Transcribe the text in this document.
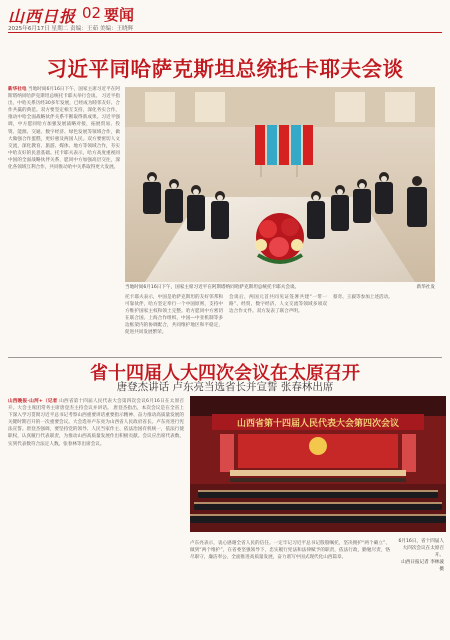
山西日报 02 要闻
2025年6月17日 星期二 责编：王茹 美编：王晓辉
习近平同哈萨克斯坦总统托卡耶夫会谈
新华社电 当地时间6月16日下午，国家主席习近平在阿斯塔纳同哈萨克斯坦总统托卡耶夫举行会谈。 习近平指出，中哈关系历经30多年发展，已经成为睦邻友好、合作共赢的典范。双方要坚定相互支持，深化务实合作，推动中哈全面战略伙伴关系不断取得新成果。习近平强调，中方愿同哈方加强发展战略对接，拓展贸易、投资、能源、交通、数字经济、绿色发展等领域合作，做大做强合作蛋糕，更好惠及两国人民。双方要密切人文交流，深化教育、旅游、媒体、地方等领域合作，夯实中哈友好的民意基础。托卡耶夫表示，哈方高度重视同中国的全面战略伙伴关系，愿同中方加强高层交往，深化各领域互利合作，共同推动哈中关系取得更大发展。
当地时间6月16日下午，国家主席习近平在阿斯塔纳同哈萨克斯坦总统托卡耶夫会谈。	新华社发
托卡耶夫表示，中国是哈萨克斯坦的友好邻邦和可靠伙伴，哈方坚定奉行一个中国原则，支持中方维护国家主权和领土完整。哈方愿同中方密切在联合国、上海合作组织、中国—中亚机制等多边框架内的协调配合，共同维护地区和平稳定，促进共同发展繁荣。
会谈后，两国元首共同见证签署共建“一带一路”、经贸、数字经济、人文交流等领域多项双边合作文件。双方发表了联合声明。
蔡奇、王毅等参加上述活动。
省十四届人大四次会议在太原召开
唐登杰讲话 卢东亮当选省长并宣誓 张春林出席
山西晚报·山河+（记者 山西省第十四届人民代表大会第四次会议6月16日在太原召开。大会主席团常务主席唐登杰主持会议并讲话。 唐登杰指出，本次会议是在全省上下深入学习贯彻习近平总书记考察山西重要讲话重要指示精神、奋力推动高质量发展的关键时期召开的一次重要会议。大会选举卢东亮为山西省人民政府省长。卢东亮进行宪法宣誓。唐登杰强调，要坚持党的领导、人民当家作主、依法治国有机统一，依法行使职权，认真履行代表职责，为推动山西高质量发展作出积极贡献。会议应出席代表数、实到代表数符合法定人数。张春林等出席会议。
山西省第十四届人民代表大会第四次会议
6月16日，省十四届人大四次会议在太原召开。
山西日报记者 李林波 摄
卢东亮表示，衷心感谢全省人民的信任。一定牢记习近平总书记殷殷嘱托，坚决拥护“两个确立”、做到“两个维护”，在省委坚强领导下，忠实履行宪法和法律赋予的职责，依法行政，勤勉尽责，恪尽职守，廉洁奉公，全面推进高质量发展，奋力谱写中国式现代化山西篇章。
